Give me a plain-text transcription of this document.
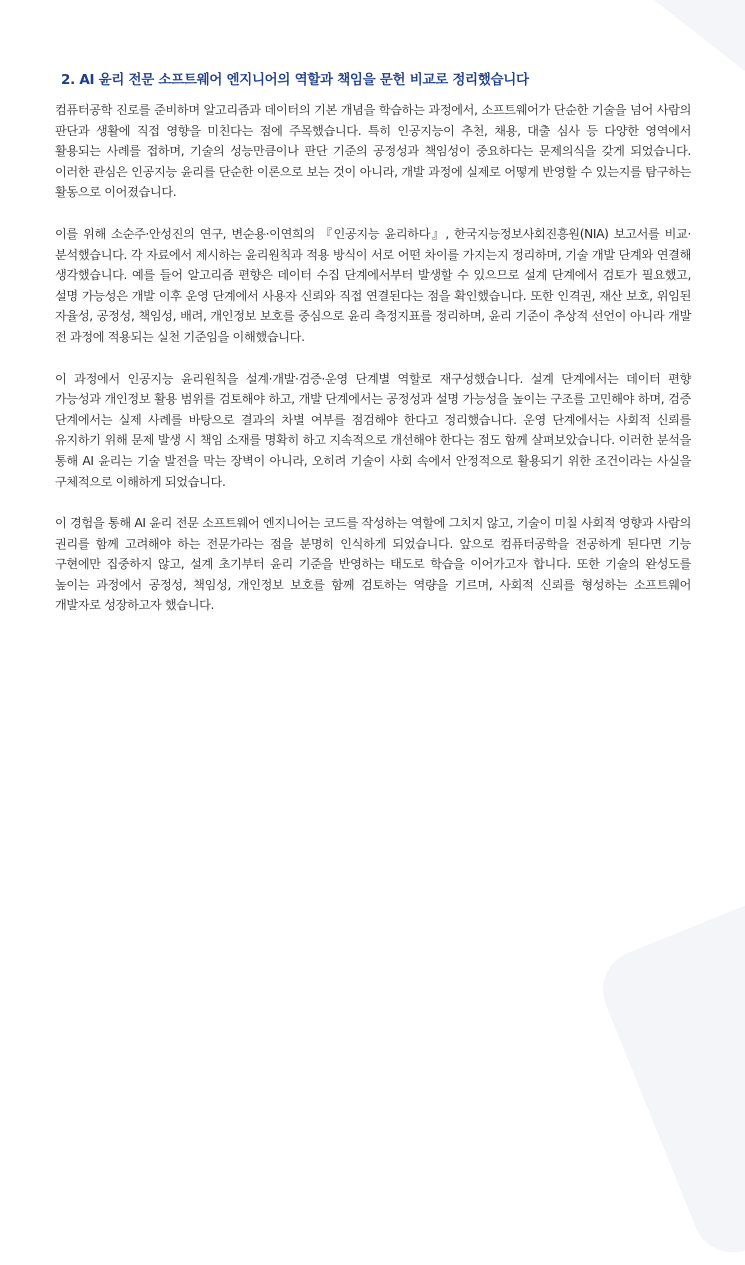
2. AI 윤리 전문 소프트웨어 엔지니어의 역할과 책임을 문헌 비교로 정리했습니다

컴퓨터공학 진로를 준비하며 알고리즘과 데이터의 기본 개념을 학습하는 과정에서, 소프트웨어가 단순한 기술을 넘어 사람의 판단과 생활에 직접 영향을 미친다는 점에 주목했습니다. 특히 인공지능이 추천, 채용, 대출 심사 등 다양한 영역에서 활용되는 사례를 접하며, 기술의 성능만큼이나 판단 기준의 공정성과 책임성이 중요하다는 문제의식을 갖게 되었습니다. 이러한 관심은 인공지능 윤리를 단순한 이론으로 보는 것이 아니라, 개발 과정에 실제로 어떻게 반영할 수 있는지를 탐구하는 활동으로 이어졌습니다.

이를 위해 소순주·안성진의 연구, 변순용·이연희의 『인공지능 윤리하다』, 한국지능정보사회진흥원(NIA) 보고서를 비교·분석했습니다. 각 자료에서 제시하는 윤리원칙과 적용 방식이 서로 어떤 차이를 가지는지 정리하며, 기술 개발 단계와 연결해 생각했습니다. 예를 들어 알고리즘 편향은 데이터 수집 단계에서부터 발생할 수 있으므로 설계 단계에서 검토가 필요했고, 설명 가능성은 개발 이후 운영 단계에서 사용자 신뢰와 직접 연결된다는 점을 확인했습니다. 또한 인격권, 재산 보호, 위임된 자율성, 공정성, 책임성, 배려, 개인정보 보호를 중심으로 윤리 측정지표를 정리하며, 윤리 기준이 추상적 선언이 아니라 개발 전 과정에 적용되는 실천 기준임을 이해했습니다.

이 과정에서 인공지능 윤리원칙을 설계·개발·검증·운영 단계별 역할로 재구성했습니다. 설계 단계에서는 데이터 편향 가능성과 개인정보 활용 범위를 검토해야 하고, 개발 단계에서는 공정성과 설명 가능성을 높이는 구조를 고민해야 하며, 검증 단계에서는 실제 사례를 바탕으로 결과의 차별 여부를 점검해야 한다고 정리했습니다. 운영 단계에서는 사회적 신뢰를 유지하기 위해 문제 발생 시 책임 소재를 명확히 하고 지속적으로 개선해야 한다는 점도 함께 살펴보았습니다. 이러한 분석을 통해 AI 윤리는 기술 발전을 막는 장벽이 아니라, 오히려 기술이 사회 속에서 안정적으로 활용되기 위한 조건이라는 사실을 구체적으로 이해하게 되었습니다.

이 경험을 통해 AI 윤리 전문 소프트웨어 엔지니어는 코드를 작성하는 역할에 그치지 않고, 기술이 미칠 사회적 영향과 사람의 권리를 함께 고려해야 하는 전문가라는 점을 분명히 인식하게 되었습니다. 앞으로 컴퓨터공학을 전공하게 된다면 기능 구현에만 집중하지 않고, 설계 초기부터 윤리 기준을 반영하는 태도로 학습을 이어가고자 합니다. 또한 기술의 완성도를 높이는 과정에서 공정성, 책임성, 개인정보 보호를 함께 검토하는 역량을 기르며, 사회적 신뢰를 형성하는 소프트웨어 개발자로 성장하고자 했습니다.
